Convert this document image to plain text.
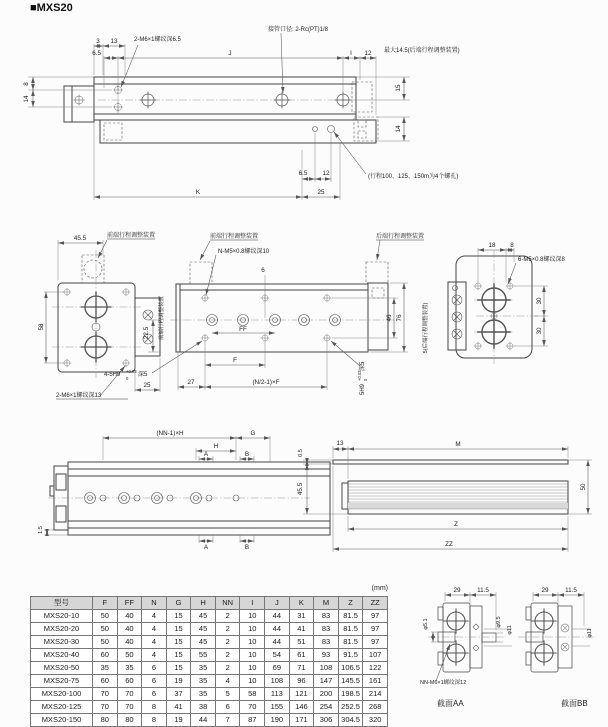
3 13	2-M6×1螺纹深6.5
接管口径: 2-Rc(PT)1/8
最大14.5(后端行程调整装置)
6.5	J	I 12
8
14
15
14
6.5 12
K	25
(行程100、125、150m为4个螺孔)
45.5	前端行程调整装置
58
25
2-M6×1螺纹深13
4-5H9
+0.03
0
深5
前端行程调整装置
N-M5×0.8螺纹深10
6
后端行程调整装置
22.5	前端行程调整装置	FF
F
27	(N/2-1)×F
5H9
+0.03 0
深5
46 76	5(后端行程调整装置)
18 8
6-M5×0.8螺纹深8
30
30
(NN-1)×H	G
H
A	B
A	B
1.5
13	M
0.5
45.5	50
Z
ZZ
29	11.5
φ5.1	φ9.5
φ11
NN-M6×1螺纹深12
截面AA
29	11.5
φ11
截面BB
■MXS20
(mm)
型号	F	FF	N	G	H	NN	I	J	K	M	Z	ZZ
MXS20-10	50	40	4	15	45	2	10	44	31	83	81.5	97
MXS20-20	50	40	4	15	45	2	10	44	41	83	81.5	97
MXS20-30	50	40	4	15	45	2	10	44	51	83	81.5	97
MXS20-40	60	50	4	15	55	2	10	54	61	93	91.5	107
MXS20-50	35	35	6	15	35	2	10	69	71	108	106.5	122
MXS20-75	60	60	6	19	35	4	10	108	96	147	145.5	161
MXS20-100	70	70	6	37	35	5	58	113	121	200	198.5	214
MXS20-125	70	70	8	41	38	6	70	155	146	254	252.5	268
MXS20-150	80	80	8	19	44	7	87	190	171	306	304.5	320
